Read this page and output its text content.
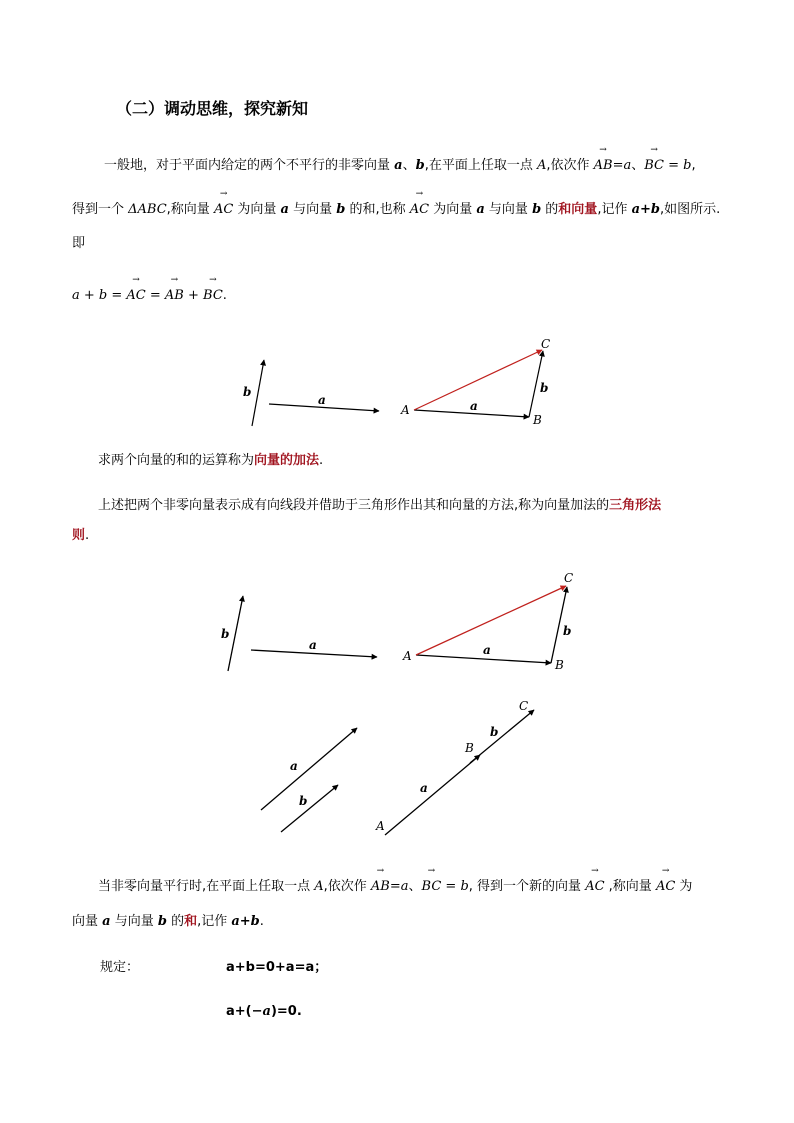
（二）调动思维，探究新知
一般地，对于平面内给定的两个不平行的非零向量 a、b,在平面上任取一点 A,依次作 → AB=a、→ BC = b,
得到一个 ΔABC,称向量 → AC 为向量 a 与向量 b 的和,也称 → AC 为向量 a 与向量 b 的和向量,记作 a+b,如图所示.
即
a + b = → AC = → AB + → BC.
求两个向量的和的运算称为向量的加法.
上述把两个非零向量表示成有向线段并借助于三角形作出其和向量的方法,称为向量加法的三角形法
则.
当非零向量平行时,在平面上任取一点 A,依次作 → AB=a、→ BC = b, 得到一个新的向量 → AC ,称向量 → AC 为
向量 a 与向量 b 的和,记作 a+b.
规定：	a+b=0+a=a；
a+(−a)=0.
b
a
A	a
B
b
C
b
a
A	a
B
b
C
a
b
A
a
B
b
C
